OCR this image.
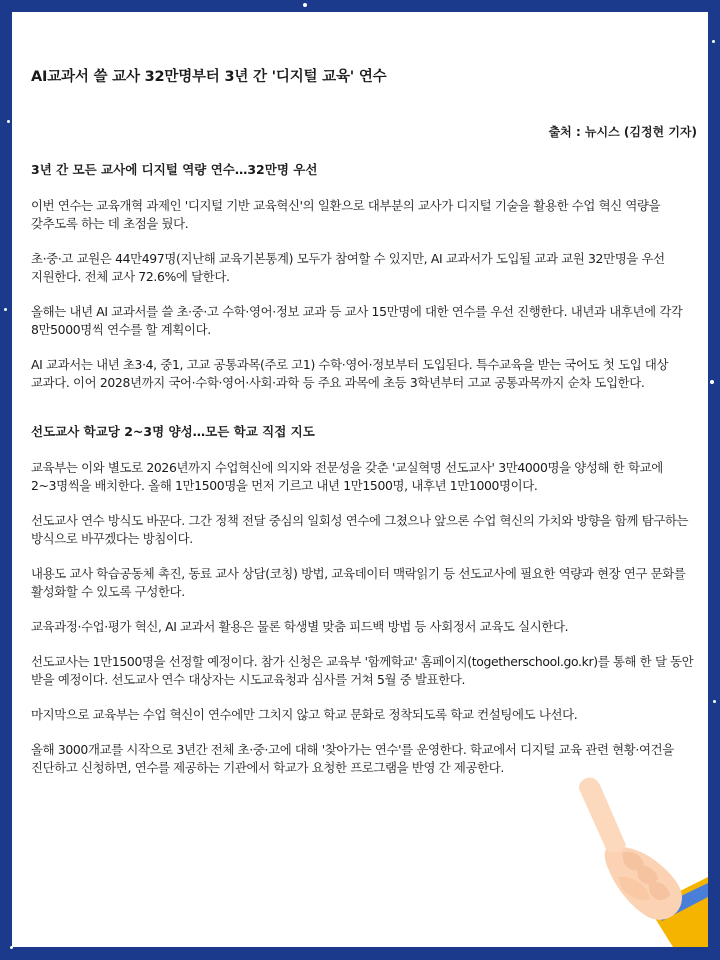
AI교과서 쓸 교사 32만명부터 3년 간 '디지털 교육' 연수
출처 : 뉴시스 (김정현 기자)
3년 간 모든 교사에 디지털 역량 연수…32만명 우선

이번 연수는 교육개혁 과제인 '디지털 기반 교육혁신'의 일환으로 대부분의 교사가 디지털 기술을 활용한 수업 혁신 역량을 갖추도록 하는 데 초점을 뒀다.

초·중·고 교원은 44만497명(지난해 교육기본통계) 모두가 참여할 수 있지만, AI 교과서가 도입될 교과 교원 32만명을 우선 지원한다. 전체 교사 72.6%에 달한다.

올해는 내년 AI 교과서를 쓸 초·중·고 수학·영어·정보 교과 등 교사 15만명에 대한 연수를 우선 진행한다. 내년과 내후년에 각각 8만5000명씩 연수를 할 계획이다.

AI 교과서는 내년 초3·4, 중1, 고교 공통과목(주로 고1) 수학·영어·정보부터 도입된다. 특수교육을 받는 국어도 첫 도입 대상 교과다. 이어 2028년까지 국어·수학·영어·사회·과학 등 주요 과목에 초등 3학년부터 고교 공통과목까지 순차 도입한다.

선도교사 학교당 2~3명 양성…모든 학교 직접 지도

교육부는 이와 별도로 2026년까지 수업혁신에 의지와 전문성을 갖춘 '교실혁명 선도교사' 3만4000명을 양성해 한 학교에 2~3명씩을 배치한다. 올해 1만1500명을 먼저 기르고 내년 1만1500명, 내후년 1만1000명이다.

선도교사 연수 방식도 바꾼다. 그간 정책 전달 중심의 일회성 연수에 그쳤으나 앞으론 수업 혁신의 가치와 방향을 함께 탐구하는 방식으로 바꾸겠다는 방침이다.

내용도 교사 학습공동체 촉진, 동료 교사 상담(코칭) 방법, 교육데이터 맥락읽기 등 선도교사에 필요한 역량과 현장 연구 문화를 활성화할 수 있도록 구성한다.

교육과정·수업·평가 혁신, AI 교과서 활용은 물론 학생별 맞춤 피드백 방법 등 사회정서 교육도 실시한다.

선도교사는 1만1500명을 선정할 예정이다. 참가 신청은 교육부 '함께학교' 홈페이지(togetherschool.go.kr)를 통해 한 달 동안 받을 예정이다. 선도교사 연수 대상자는 시도교육청과 심사를 거쳐 5월 중 발표한다.

마지막으로 교육부는 수업 혁신이 연수에만 그치지 않고 학교 문화로 정착되도록 학교 컨설팅에도 나선다.

올해 3000개교를 시작으로 3년간 전체 초·중·고에 대해 '찾아가는 연수'를 운영한다. 학교에서 디지털 교육 관련 현황·여건을 진단하고 신청하면, 연수를 제공하는 기관에서 학교가 요청한 프로그램을 반영 간 제공한다.
